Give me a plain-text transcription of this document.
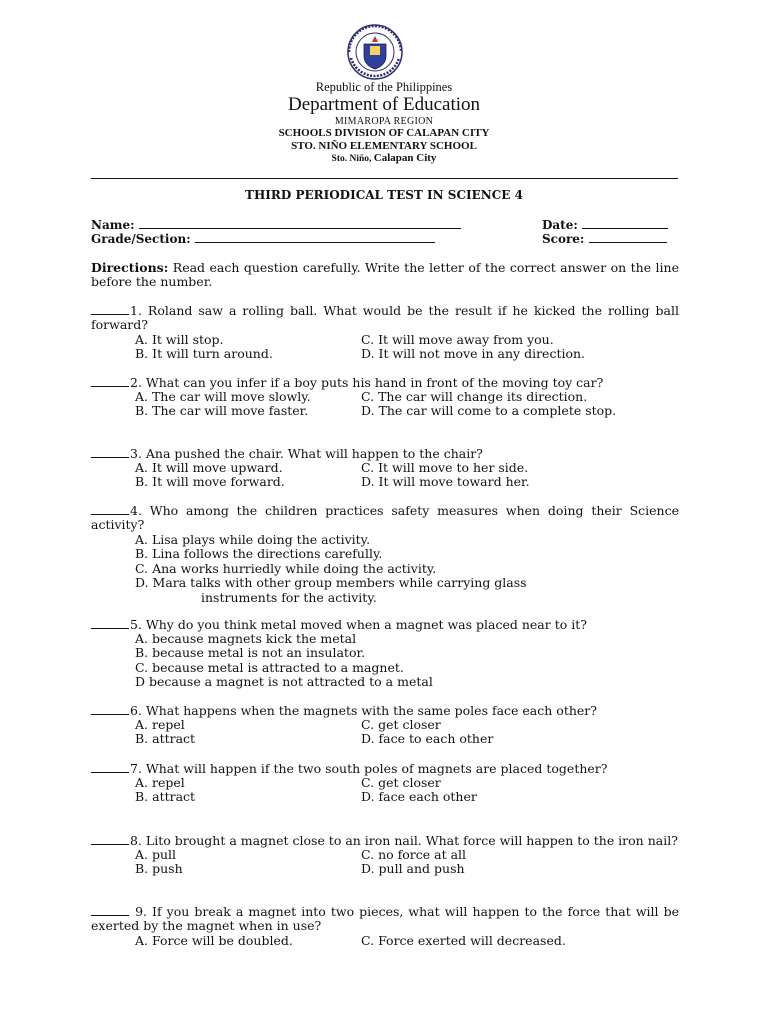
Republic of the Philippines
Department of Education
MIMAROPA REGION
SCHOOLS DIVISION OF CALAPAN CITY
STO. NIÑO ELEMENTARY SCHOOL
Sto. Niño, Calapan City
THIRD PERIODICAL TEST IN SCIENCE 4
Name:	Date:
Grade/Section:	Score:
Directions: Read each question carefully. Write the letter of the correct answer on the line before the number.
1. Roland saw a rolling ball. What would be the result if he kicked the rolling ball forward?
A. It will stop.
B. It will turn around.
C. It will move away from you.
D. It will not move in any direction.
2. What can you infer if a boy puts his hand in front of the moving toy car?
A. The car will move slowly.
B. The car will move faster.
C. The car will change its direction.
D. The car will come to a complete stop.
3. Ana pushed the chair. What will happen to the chair?
A. It will move upward.
B. It will move forward.
C. It will move to her side.
D. It will move toward her.
4. Who among the children practices safety measures when doing their Science activity?
A. Lisa plays while doing the activity.
B. Lina follows the directions carefully.
C. Ana works hurriedly while doing the activity.
D. Mara talks with other group members while carrying glass
instruments for the activity.
5. Why do you think metal moved when a magnet was placed near to it?
A. because magnets kick the metal
B. because metal is not an insulator.
C. because metal is attracted to a magnet.
D because a magnet is not attracted to a metal
6. What happens when the magnets with the same poles face each other?
A. repel
B. attract
C. get closer
D. face to each other
7. What will happen if the two south poles of magnets are placed together?
A. repel
B. attract
C. get closer
D. face each other
8. Lito brought a magnet close to an iron nail. What force will happen to the iron nail?
A. pull
B. push
C. no force at all
D. pull and push
9. If you break a magnet into two pieces, what will happen to the force that will be exerted by the magnet when in use?
A. Force will be doubled.	C. Force exerted will decreased.
